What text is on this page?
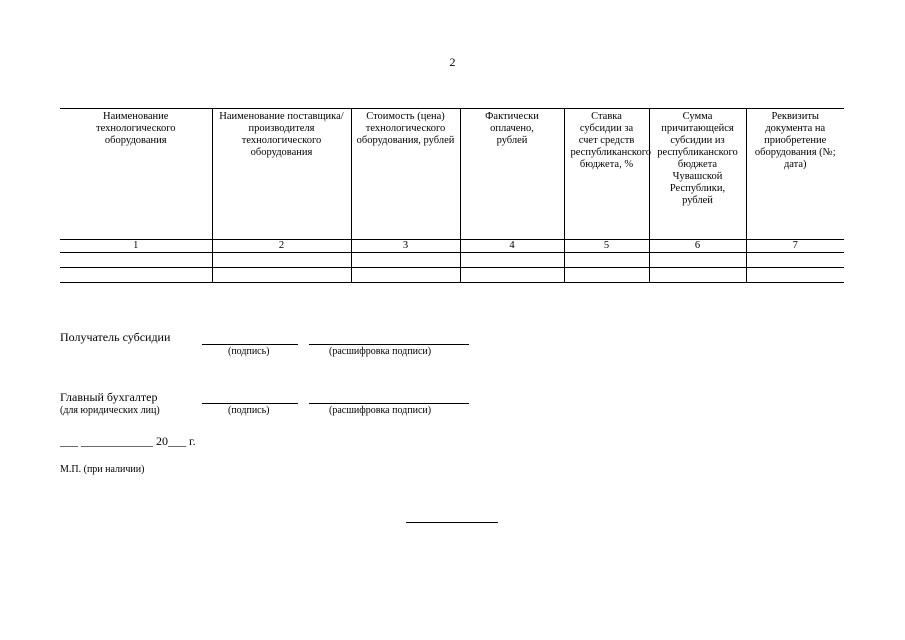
2
Наименование технологического оборудования	Наименование поставщика/производителя технологического оборудования	Стоимость (цена) технологического оборудования, рублей	Фактически оплачено, рублей	Ставка субсидии за счет средств республиканского бюджета, %	Сумма причитающейся субсидии из республиканского бюджета Чувашской Республики, рублей	Реквизиты документа на приобретение оборудования (№; дата)
1	2	3	4	5	6	7

Получатель субсидии
(подпись)	(расшифровка подписи)
Главный бухгалтер
(для юридических лиц)	(подпись)	(расшифровка подписи)
___ ____________ 20___ г.
М.П. (при наличии)
